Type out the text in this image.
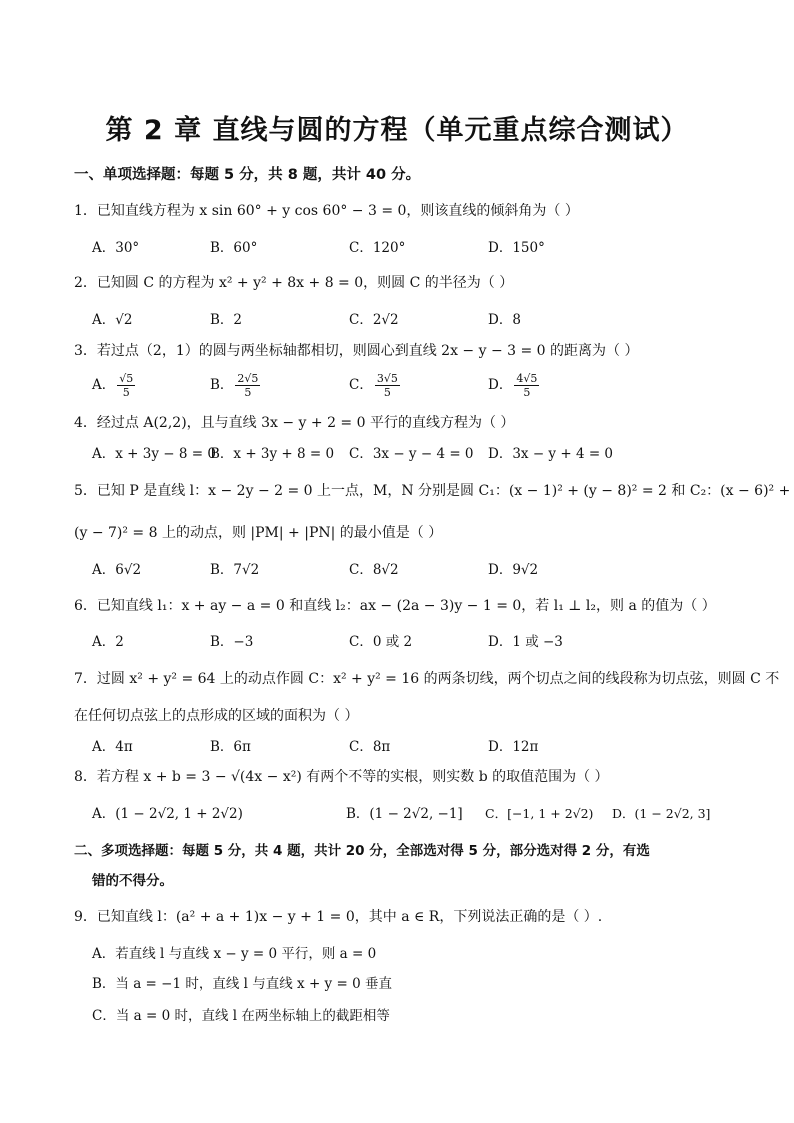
第 2 章 直线与圆的方程（单元重点综合测试）
一、单项选择题：每题 5 分，共 8 题，共计 40 分。
1．已知直线方程为 x sin 60° + y cos 60° − 3 = 0，则该直线的倾斜角为（ ）
A．30°	B．60°	C．120°	D．150°
2．已知圆 C 的方程为 x² + y² + 8x + 8 = 0，则圆 C 的半径为（ ）
A．√2	B．2	C．2√2	D．8
3．若过点（2，1）的圆与两坐标轴都相切，则圆心到直线 2x − y − 3 = 0 的距离为（ ）
A． $\frac{√5}{5}$	B． $\frac{2√5}{5}$	C． $\frac{3√5}{5}$	D． $\frac{4√5}{5}$
4．经过点 A(2,2)，且与直线 3x − y + 2 = 0 平行的直线方程为（ ）
A．x + 3y − 8 = 0
B．x + 3y + 8 = 0 C．3x − y − 4 = 0 D．3x − y + 4 = 0
5．已知 P 是直线 l：x − 2y − 2 = 0 上一点，M，N 分别是圆 C₁：(x − 1)² + (y − 8)² = 2 和 C₂：(x − 6)² +
(y − 7)² = 8 上的动点，则 |PM| + |PN| 的最小值是（ ）
A．6√2	B．7√2	C．8√2	D．9√2
6．已知直线 l₁：x + ay − a = 0 和直线 l₂：ax − (2a − 3)y − 1 = 0，若 l₁ ⊥ l₂，则 a 的值为（ ）
A．2	B．−3	C．0 或 2	D．1 或 −3
7．过圆 x² + y² = 64 上的动点作圆 C：x² + y² = 16 的两条切线，两个切点之间的线段称为切点弦，则圆 C 不
在任何切点弦上的点形成的区域的面积为（ ）
A．4π	B．6π	C．8π	D．12π
8．若方程 x + b = 3 − √(4x − x²) 有两个不等的实根，则实数 b 的取值范围为（ ）
A．(1 − 2√2, 1 + 2√2)	B．(1 − 2√2, −1] C．[−1, 1 + 2√2) D．(1 − 2√2, 3]
二、多项选择题：每题 5 分，共 4 题，共计 20 分，全部选对得 5 分，部分选对得 2 分，有选
错的不得分。
9．已知直线 l：(a² + a + 1)x − y + 1 = 0，其中 a ∈ R，下列说法正确的是（ ）.
A．若直线 l 与直线 x − y = 0 平行，则 a = 0
B．当 a = −1 时，直线 l 与直线 x + y = 0 垂直
C．当 a = 0 时，直线 l 在两坐标轴上的截距相等
